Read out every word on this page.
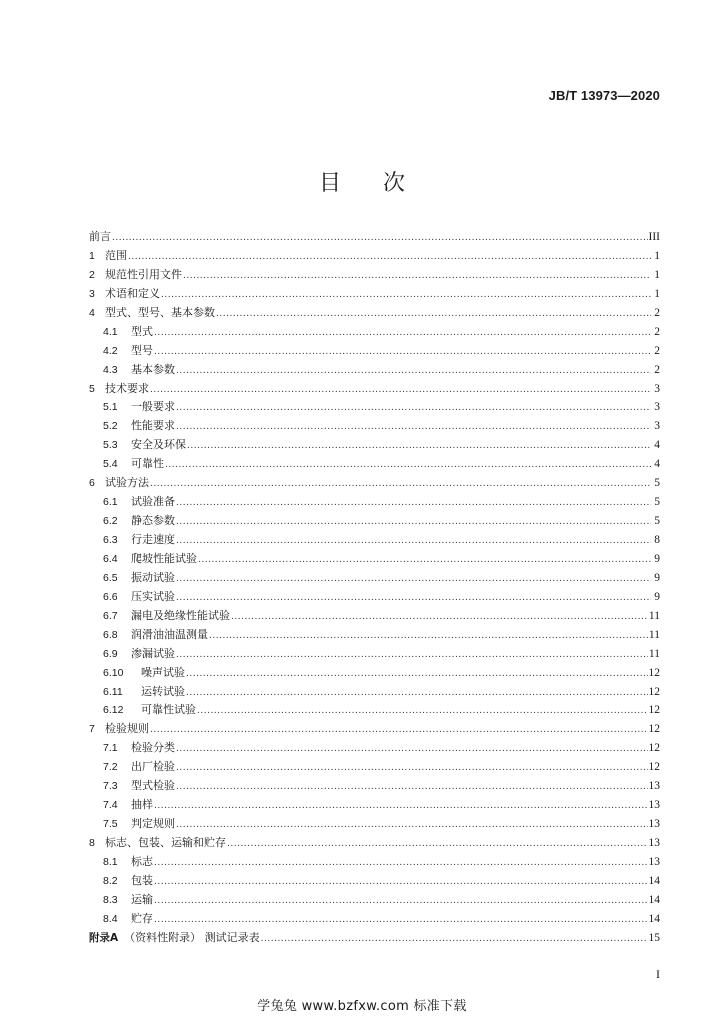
JB/T 13973—2020
目 次
前言 .....	III
1 范围 .....	1
2 规范性引用文件 .....	1
3 术语和定义 .....	1
4 型式、型号、基本参数 .....	2
4.1	型式 .....	2
4.2	型号 .....	2
4.3	基本参数 .....	2
5 技术要求 .....	3
5.1	一般要求 .....	3
5.2	性能要求 .....	3
5.3	安全及环保 .....	4
5.4	可靠性 .....	4
6 试验方法 .....	5
6.1	试验准备 .....	5
6.2	静态参数 .....	5
6.3	行走速度 .....	8
6.4	爬坡性能试验 .....	9
6.5	振动试验 .....	9
6.6	压实试验 .....	9
6.7	漏电及绝缘性能试验 .....	11
6.8	润滑油油温测量 .....	11
6.9	渗漏试验 .....	11
6.10	噪声试验 .....	12
6.11	运转试验 .....	12
6.12	可靠性试验 .....	12
7 检验规则 .....	12
7.1	检验分类 .....	12
7.2	出厂检验 .....	12
7.3	型式检验 .....	13
7.4	抽样 .....	13
7.5	判定规则 .....	13
8 标志、包装、运输和贮存 .....	13
8.1	标志 .....	13
8.2	包装 .....	14
8.3	运输 .....	14
8.4	贮存 .....	14
附录A （资料性附录） 测试记录表 .....	15
I
学兔兔 www.bzfxw.com 标准下载
